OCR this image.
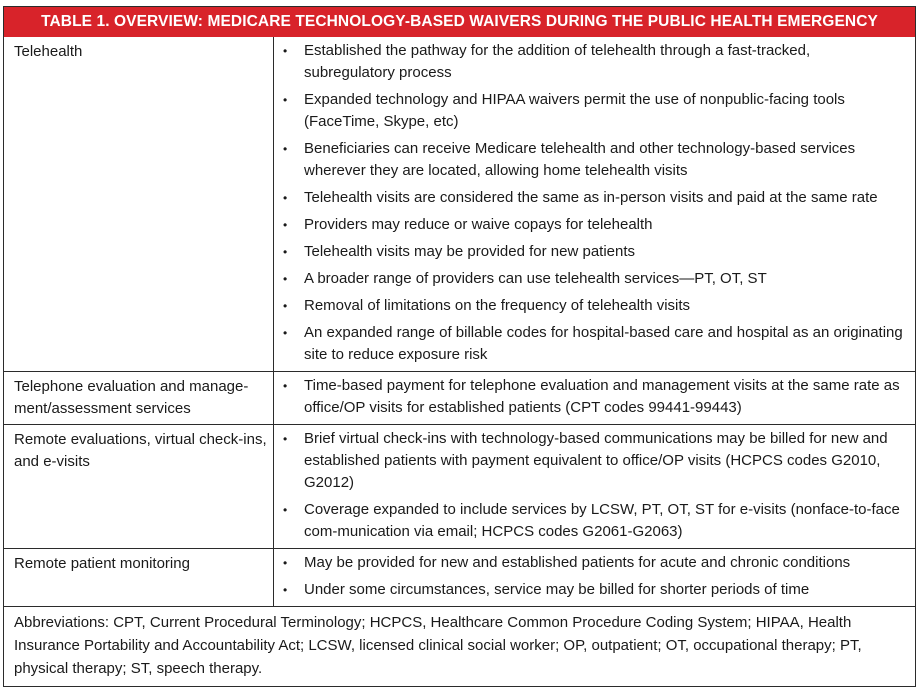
TABLE 1. OVERVIEW: MEDICARE TECHNOLOGY-BASED WAIVERS DURING THE PUBLIC HEALTH EMERGENCY
Telehealth	• Established the pathway for the addition of telehealth through a fast-tracked, subregulatory process
• Expanded technology and HIPAA waivers permit the use of nonpublic-facing tools (FaceTime, Skype, etc)
• Beneficiaries can receive Medicare telehealth and other technology-based services wherever they are located, allowing home telehealth visits
• Telehealth visits are considered the same as in-person visits and paid at the same rate
• Providers may reduce or waive copays for telehealth
• Telehealth visits may be provided for new patients
• A broader range of providers can use telehealth services—PT, OT, ST
• Removal of limitations on the frequency of telehealth visits
• An expanded range of billable codes for hospital-based care and hospital as an originating site to reduce exposure risk
Telephone evaluation and manage-ment/assessment services
• Time-based payment for telephone evaluation and management visits at the same rate as office/OP visits for established patients (CPT codes 99441-99443)
Remote evaluations, virtual check-ins, and e-visits
• Brief virtual check-ins with technology-based communications may be billed for new and established patients with payment equivalent to office/OP visits (HCPCS codes G2010, G2012)
• Coverage expanded to include services by LCSW, PT, OT, ST for e-visits (nonface-to-face com-munication via email; HCPCS codes G2061-G2063)
Remote patient monitoring	• May be provided for new and established patients for acute and chronic conditions
• Under some circumstances, service may be billed for shorter periods of time
Abbreviations: CPT, Current Procedural Terminology; HCPCS, Healthcare Common Procedure Coding System; HIPAA, Health Insurance Portability and Accountability Act; LCSW, licensed clinical social worker; OP, outpatient; OT, occupational therapy; PT, physical therapy; ST, speech therapy.
